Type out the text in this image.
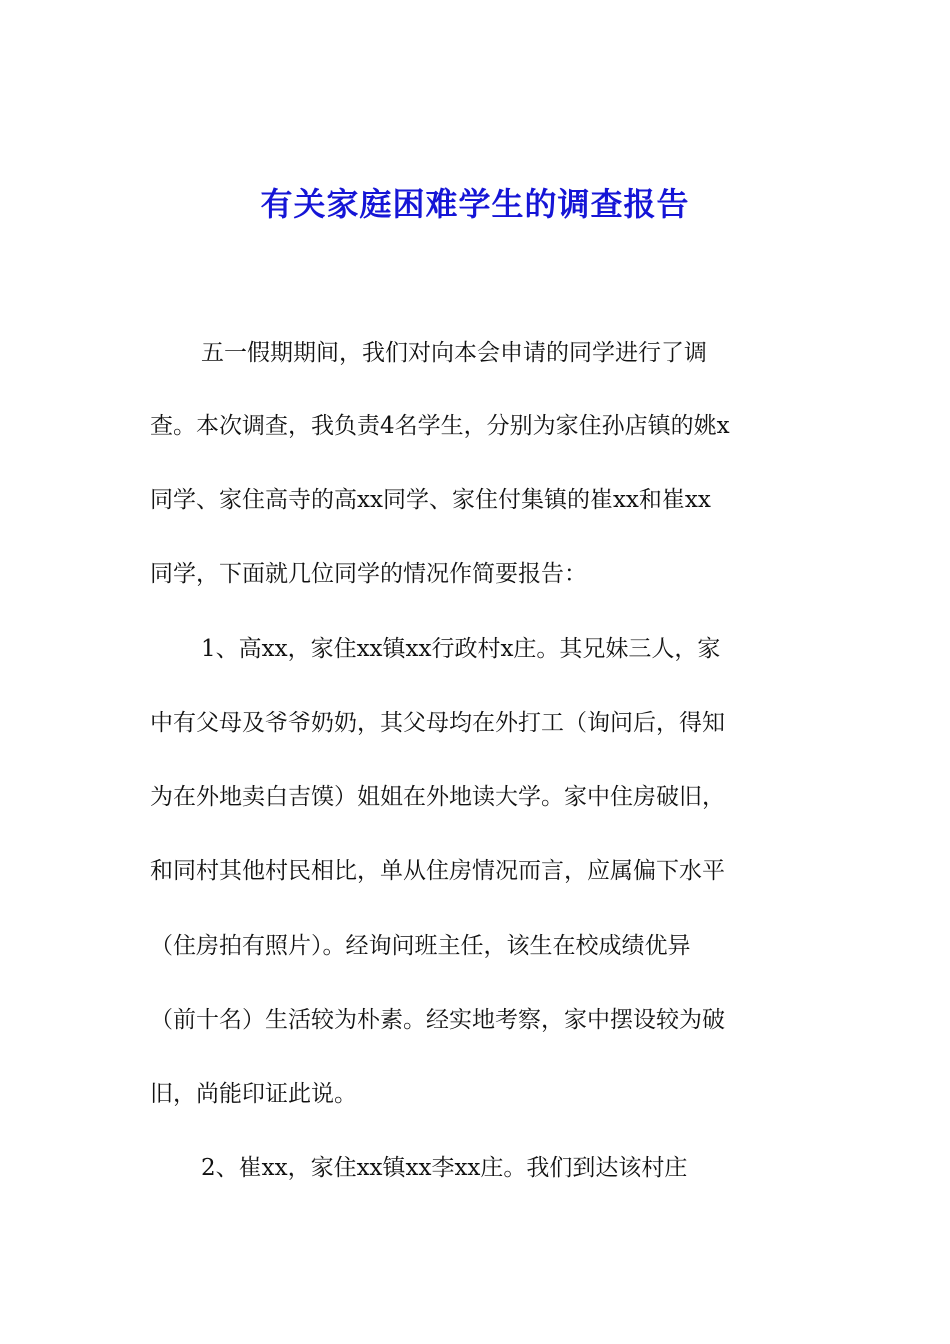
有关家庭困难学生的调查报告

五一假期期间，我们对向本会申请的同学进行了调

查。本次调查，我负责4名学生，分别为家住孙店镇的姚x

同学、家住高寺的高xx同学、家住付集镇的崔xx和崔xx

同学，下面就几位同学的情况作简要报告：

1、高xx，家住xx镇xx行政村x庄。其兄妹三人，家

中有父母及爷爷奶奶，其父母均在外打工（询问后，得知

为在外地卖白吉馍）姐姐在外地读大学。家中住房破旧，

和同村其他村民相比，单从住房情况而言，应属偏下水平

（住房拍有照片）。经询问班主任，该生在校成绩优异

（前十名）生活较为朴素。经实地考察，家中摆设较为破

旧，尚能印证此说。

2、崔xx，家住xx镇xx李xx庄。我们到达该村庄
